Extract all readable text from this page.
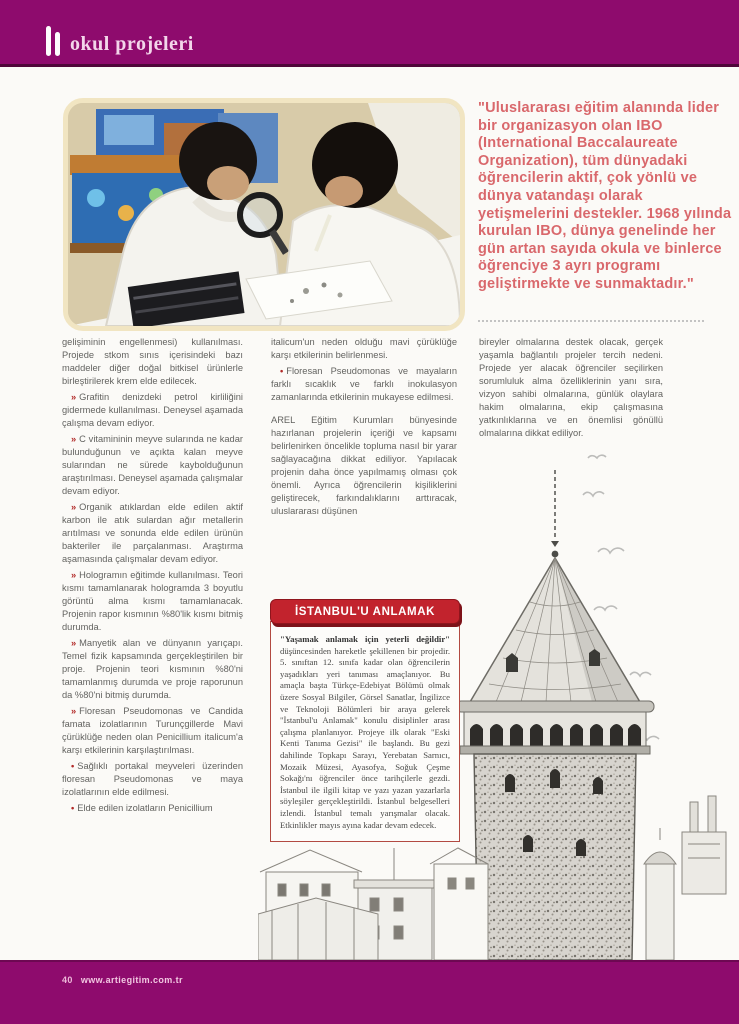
okul projeleri
"Uluslararası eğitim alanında lider bir organizasyon olan IBO (International Baccalaureate Organization), tüm dünyadaki öğrencilerin aktif, çok yönlü ve dünya vatandaşı olarak yetişmelerini destekler. 1968 yılında kurulan IBO, dünya genelinde her gün artan sayıda okula ve binlerce öğrenciye 3 ayrı programı geliştirmekte ve sunmaktadır."

gelişiminin engellenmesi) kullanılması. Projede stkom sınıs içerisindeki bazı maddeler diğer doğal bitkisel ürünlerle birleştirilerek krem elde edilecek.

» Grafitin denizdeki petrol kirliliğini gidermede kullanılması. Deneysel aşamada çalışma devam ediyor.

» C vitamininin meyve sularında ne kadar bulunduğunun ve açıkta kalan meyve sularından ne sürede kaybolduğunun araştırılması. Deneysel aşamada çalışmalar devam ediyor.

» Organik atıklardan elde edilen aktif karbon ile atık sulardan ağır metallerin arıtılması ve sonunda elde edilen ürünün bakteriler ile parçalanması. Araştırma aşamasında çalışmalar devam ediyor.

» Hologramın eğitimde kullanılması. Teori kısmı tamamlanarak hologramda 3 boyutlu görüntü alma kısmı tamamlanacak. Projenin rapor kısmının %80'lik kısmı bitmiş durumda.

» Manyetik alan ve dünyanın yarıçapı. Temel fizik kapsamında gerçekleştirilen bir proje. Projenin teori kısmının %80'ni tamamlanmış durumda ve proje raporunun da %80'ni bitmiş durumda.

» Floresan Pseudomonas ve Candida famata izolatlarının Turunçgillerde Mavi çürüklüğe neden olan Penicillium italicum'a karşı etkilerinin karşılaştırılması.

• Sağlıklı portakal meyveleri üzerinden floresan Pseudomonas ve maya izolatlarının elde edilmesi.

• Elde edilen izolatların Penicillium

italicum'un neden olduğu mavi çürüklüğe karşı etkilerinin belirlenmesi.

• Floresan Pseudomonas ve mayaların farklı sıcaklık ve farklı inokulasyon zamanlarında etkilerinin mukayese edilmesi.

AREL Eğitim Kurumları bünyesinde hazırlanan projelerin içeriği ve kapsamı belirlenirken öncelikle topluma nasıl bir yarar sağlayacağına dikkat ediliyor. Yapılacak projenin daha önce yapılmamış olması çok önemli. Ayrıca öğrencilerin kişiliklerini geliştirecek, farkındalıklarını arttıracak, uluslararası düşünen

bireyler olmalarına destek olacak, gerçek yaşamla bağlantılı projeler tercih nedeni. Projede yer alacak öğrenciler seçilirken sorumluluk alma özelliklerinin yanı sıra, vizyon sahibi olmalarına, günlük olaylara hakim olmalarına, ekip çalışmasına yatkınlıklarına ve en önemlisi gönüllü olmalarına dikkat ediliyor.

İSTANBUL'U ANLAMAK
"Yaşamak anlamak için yeterli değildir" düşüncesinden hareketle şekillenen bir projedir. 5. sınıftan 12. sınıfa kadar olan öğrencilerin yaşadıkları yeri tanıması amaçlanıyor. Bu amaçla başta Türkçe-Edebiyat Bölümü olmak üzere Sosyal Bilgiler, Görsel Sanatlar, İngilizce ve Teknoloji Bölümleri bir araya gelerek "İstanbul'u Anlamak" konulu disiplinler arası çalışma planlanıyor. Projeye ilk olarak "Eski Kenti Tanıma Gezisi" ile başlandı. Bu gezi dahilinde Topkapı Sarayı, Yerebatan Sarnıcı, Mozaik Müzesi, Ayasofya, Soğuk Çeşme Sokağı'nı öğrenciler önce tarihçilerle gezdi. İstanbul ile ilgili kitap ve yazı yazan yazarlarla söyleşiler gerçekleştirildi. İstanbul belgeselleri izlendi. İstanbul temalı yarışmalar olacak. Etkinlikler mayıs ayına kadar devam edecek.
40 www.artiegitim.com.tr
